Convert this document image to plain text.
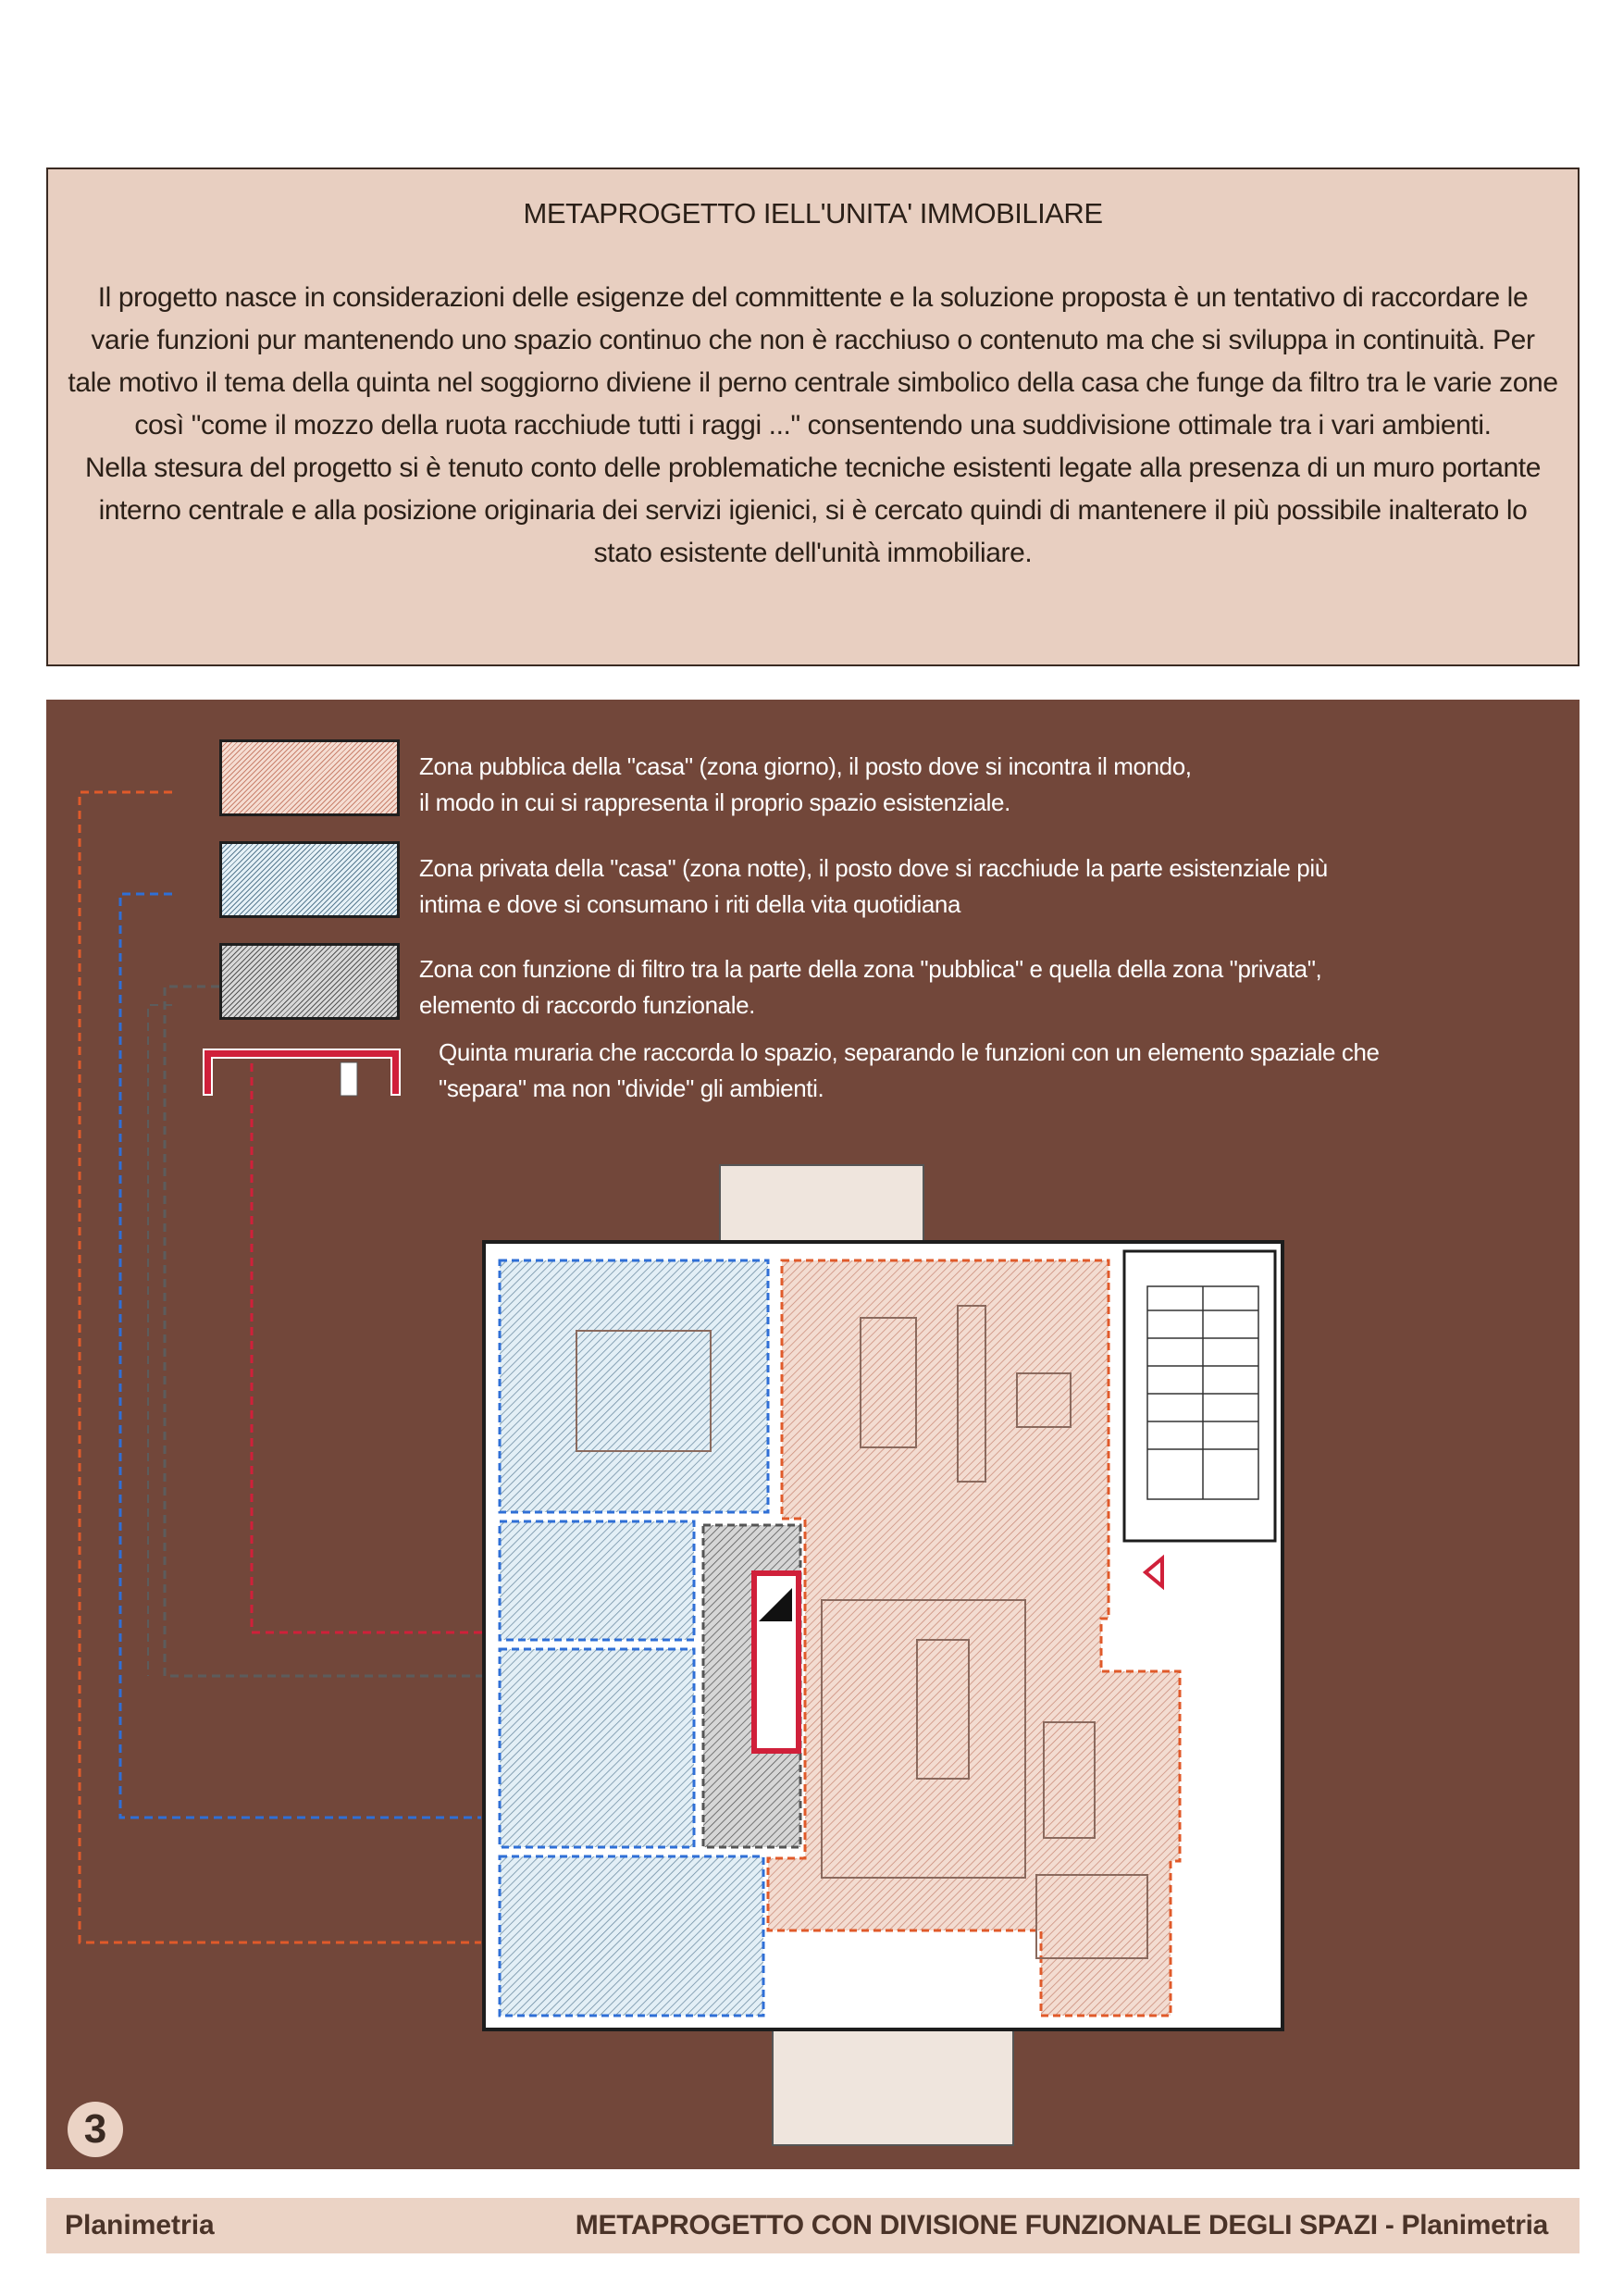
METAPROGETTO IELL'UNITA' IMMOBILIARE

Il progetto nasce in considerazioni delle esigenze del committente e la soluzione proposta è un tentativo di raccordare le varie funzioni pur mantenendo uno spazio continuo che non è racchiuso o contenuto ma che si sviluppa in continuità. Per tale motivo il tema della quinta nel soggiorno diviene il perno centrale simbolico della casa che funge da filtro tra le varie zone così "come il mozzo della ruota racchiude tutti i raggi ..." consentendo una suddivisione ottimale tra i vari ambienti.

Nella stesura del progetto si è tenuto conto delle problematiche tecniche esistenti legate alla presenza di un muro portante interno centrale e alla posizione originaria dei servizi igienici, si è cercato quindi di mantenere il più possibile inalterato lo stato esistente dell'unità immobiliare.

Zona pubblica della "casa" (zona giorno), il posto dove si incontra il mondo,
il modo in cui si rappresenta il proprio spazio esistenziale.
Zona privata della "casa" (zona notte), il posto dove si racchiude la parte esistenziale più
intima e dove si consumano i riti della vita quotidiana
Zona con funzione di filtro tra la parte della zona "pubblica" e quella della zona "privata",
elemento di raccordo funzionale.
Quinta muraria che raccorda lo spazio, separando le funzioni con un elemento spaziale che
"separa" ma non "divide" gli ambienti.
3
Planimetria	METAPROGETTO CON DIVISIONE FUNZIONALE DEGLI SPAZI - Planimetria
